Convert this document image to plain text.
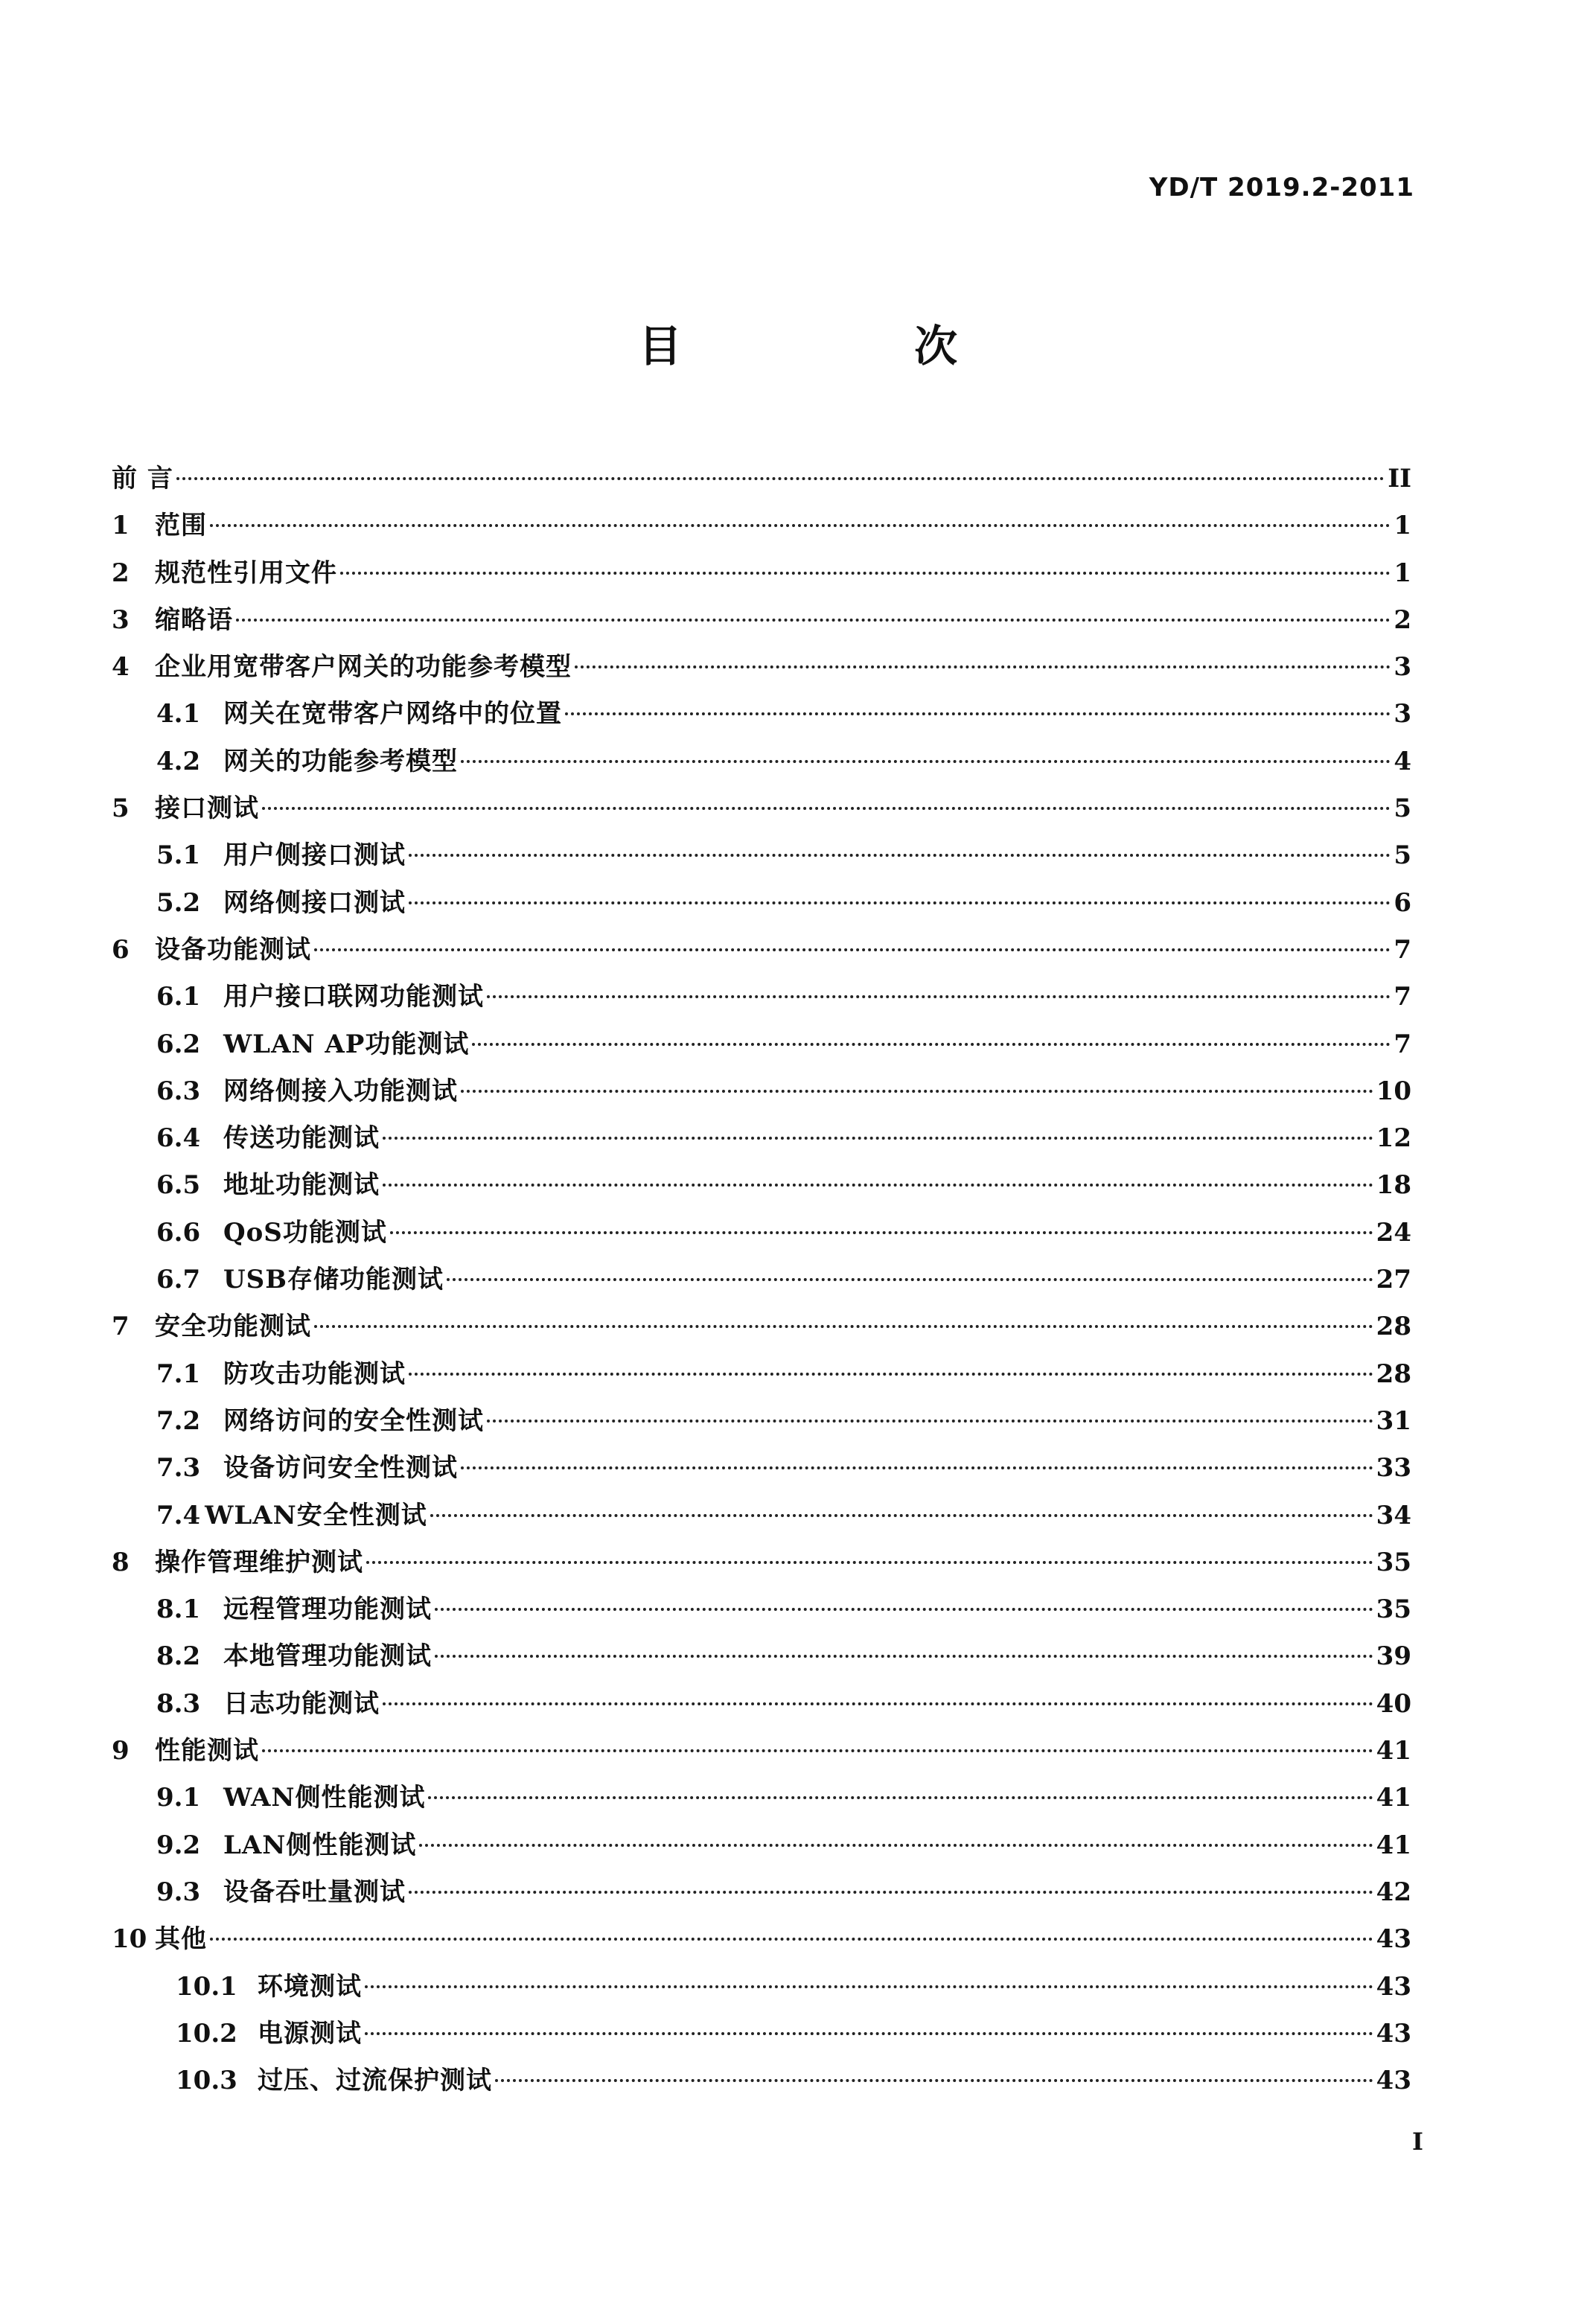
YD/T 2019.2-2011
目 次
前 言	II
1	范围	1
2	规范性引用文件	1
3	缩略语	2
4	企业用宽带客户网关的功能参考模型	3
4.1 网关在宽带客户网络中的位置	3
4.2 网关的功能参考模型	4
5	接口测试	5
5.1 用户侧接口测试	5
5.2 网络侧接口测试	6
6	设备功能测试	7
6.1 用户接口联网功能测试	7
6.2 WLAN AP功能测试	7
6.3 网络侧接入功能测试	10
6.4 传送功能测试	12
6.5 地址功能测试	18
6.6 QoS功能测试	24
6.7 USB存储功能测试	27
7	安全功能测试	28
7.1 防攻击功能测试	28
7.2 网络访问的安全性测试	31
7.3 设备访问安全性测试	33
7.4 WLAN安全性测试	34
8	操作管理维护测试	35
8.1 远程管理功能测试	35
8.2 本地管理功能测试	39
8.3 日志功能测试	40
9	性能测试	41
9.1 WAN侧性能测试	41
9.2 LAN侧性能测试	41
9.3 设备吞吐量测试	42
10 其他	43
10.1 环境测试	43
10.2 电源测试	43
10.3 过压、过流保护测试	43
I
